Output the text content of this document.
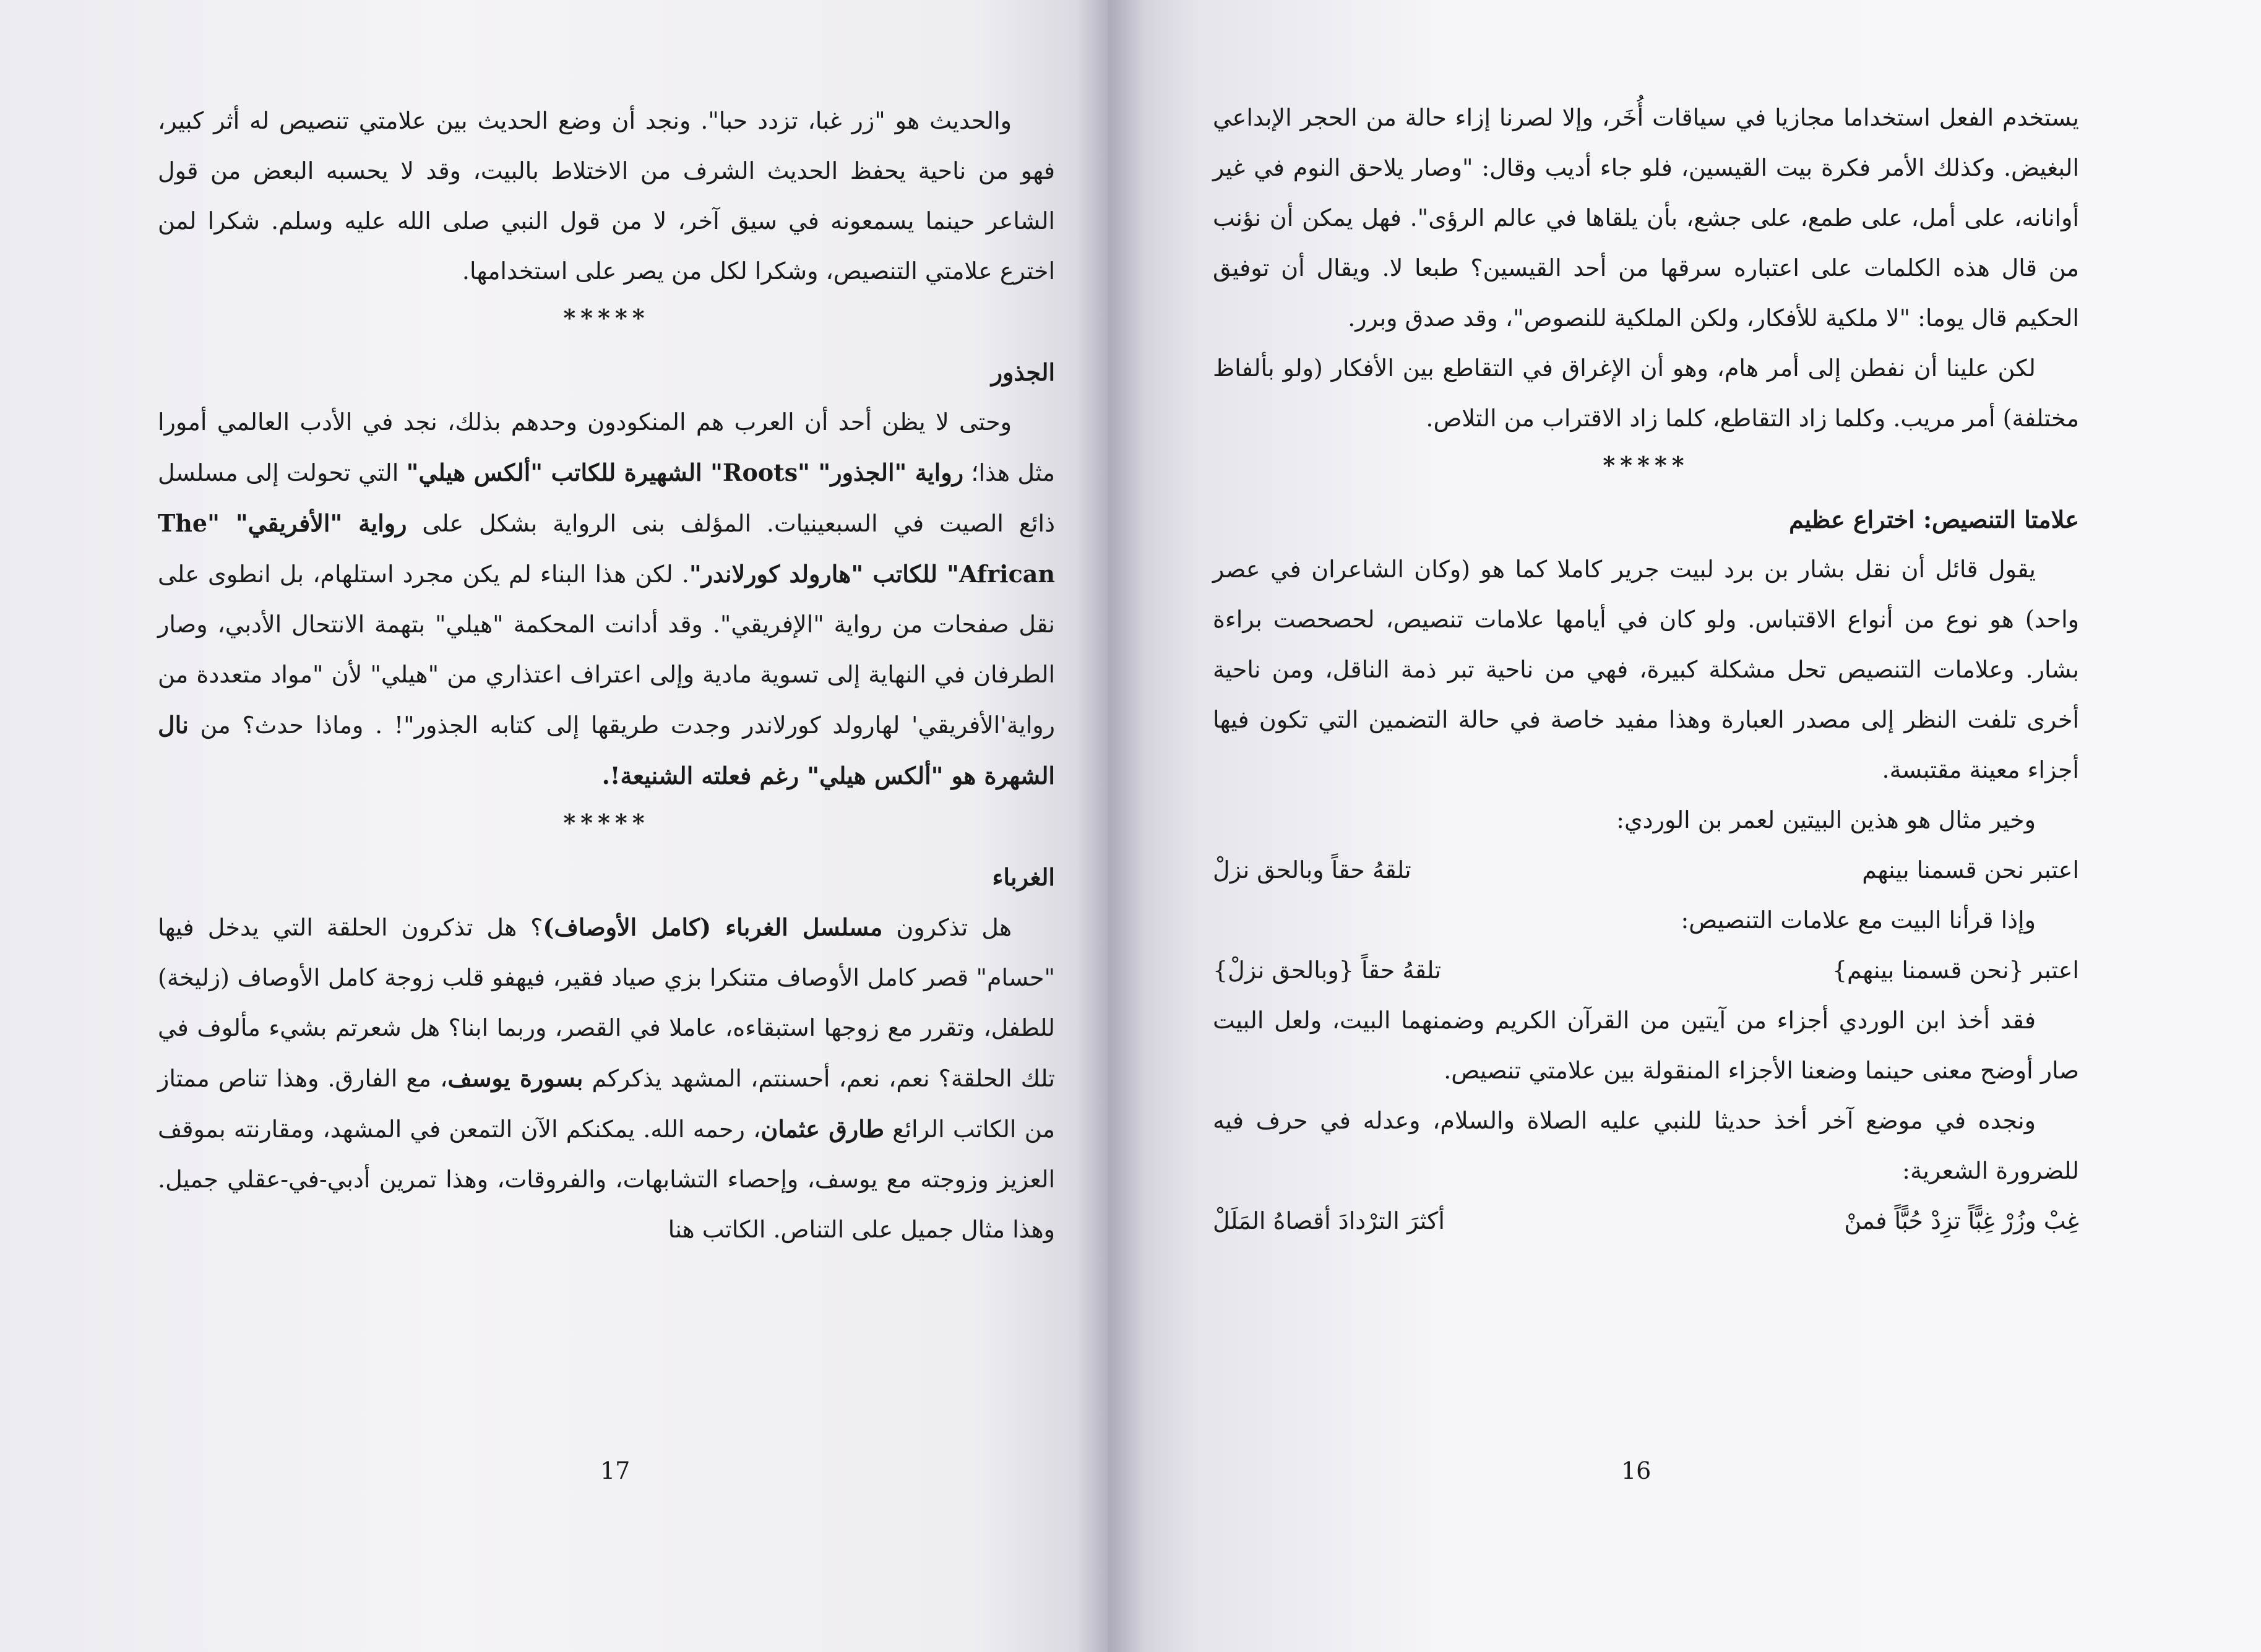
والحديث هو "زر غبا، تزدد حبا". ونجد أن وضع الحديث بين علامتي تنصيص له أثر كبير، فهو من ناحية يحفظ الحديث الشرف من الاختلاط بالبيت، وقد لا يحسبه البعض من قول الشاعر حينما يسمعونه في سيق آخر، لا من قول النبي صلى الله عليه وسلم. شكرا لمن اخترع علامتي التنصيص، وشكرا لكل من يصر على استخدامها.

*****

الجذور

وحتى لا يظن أحد أن العرب هم المنكودون وحدهم بذلك، نجد في الأدب العالمي أمورا مثل هذا؛ رواية "الجذور" "Roots" الشهيرة للكاتب "ألكس هيلي" التي تحولت إلى مسلسل ذائع الصيت في السبعينيات. المؤلف بنى الرواية بشكل على رواية "الأفريقي" "The African" للكاتب "هارولد كورلاندر". لكن هذا البناء لم يكن مجرد استلهام، بل انطوى على نقل صفحات من رواية "الإفريقي". وقد أدانت المحكمة "هيلي" بتهمة الانتحال الأدبي، وصار الطرفان في النهاية إلى تسوية مادية وإلى اعتراف اعتذاري من "هيلي" لأن "مواد متعددة من رواية'الأفريقي' لهارولد كورلاندر وجدت طريقها إلى كتابه الجذور"! . وماذا حدث؟ من نال الشهرة هو "ألكس هيلي" رغم فعلته الشنيعة!.

*****

الغرباء

هل تذكرون مسلسل الغرباء (كامل الأوصاف)؟ هل تذكرون الحلقة التي يدخل فيها "حسام" قصر كامل الأوصاف متنكرا بزي صياد فقير، فيهفو قلب زوجة كامل الأوصاف (زليخة) للطفل، وتقرر مع زوجها استبقاءه، عاملا في القصر، وربما ابنا؟ هل شعرتم بشيء مألوف في تلك الحلقة؟ نعم، نعم، أحسنتم، المشهد يذكركم بسورة يوسف، مع الفارق. وهذا تناص ممتاز من الكاتب الرائع طارق عثمان، رحمه الله. يمكنكم الآن التمعن في المشهد، ومقارنته بموقف العزيز وزوجته مع يوسف، وإحصاء التشابهات، والفروقات، وهذا تمرين أدبي-في-عقلي جميل. وهذا مثال جميل على التناص. الكاتب هنا

17

يستخدم الفعل استخداما مجازيا في سياقات أُخَر، وإلا لصرنا إزاء حالة من الحجر الإبداعي البغيض. وكذلك الأمر فكرة بيت القيسين، فلو جاء أديب وقال: "وصار يلاحق النوم في غير أوانانه، على أمل، على طمع، على جشع، بأن يلقاها في عالم الرؤى". فهل يمكن أن نؤنب من قال هذه الكلمات على اعتباره سرقها من أحد القيسين؟ طبعا لا. ويقال أن توفيق الحكيم قال يوما: "لا ملكية للأفكار، ولكن الملكية للنصوص"، وقد صدق وبرر.

لكن علينا أن نفطن إلى أمر هام، وهو أن الإغراق في التقاطع بين الأفكار (ولو بألفاظ مختلفة) أمر مريب. وكلما زاد التقاطع، كلما زاد الاقتراب من التلاص.

*****

علامتا التنصيص: اختراع عظيم

يقول قائل أن نقل بشار بن برد لبيت جرير كاملا كما هو (وكان الشاعران في عصر واحد) هو نوع من أنواع الاقتباس. ولو كان في أيامها علامات تنصيص، لحصحصت براءة بشار. وعلامات التنصيص تحل مشكلة كبيرة، فهي من ناحية تبر ذمة الناقل، ومن ناحية أخرى تلفت النظر إلى مصدر العبارة وهذا مفيد خاصة في حالة التضمين التي تكون فيها أجزاء معينة مقتبسة.

وخير مثال هو هذين البيتين لعمر بن الوردي:

اعتبر نحن قسمنا بينهم
تلقهُ حقاً وبالحق نزلْ

وإذا قرأنا البيت مع علامات التنصيص:

اعتبر {نحن قسمنا بينهم}
تلقهُ حقاً {وبالحق نزلْ}

فقد أخذ ابن الوردي أجزاء من آيتين من القرآن الكريم وضمنهما البيت، ولعل البيت صار أوضح معنى حينما وضعنا الأجزاء المنقولة بين علامتي تنصيص.

ونجده في موضع آخر أخذ حديثا للنبي عليه الصلاة والسلام، وعدله في حرف فيه للضرورة الشعرية:

غِبْ وزُرْ غِبًّاً تزِدْ حُبًّاً فمنْ
أكثرَ الترْدادَ أقصاهُ المَلَلْ
16
